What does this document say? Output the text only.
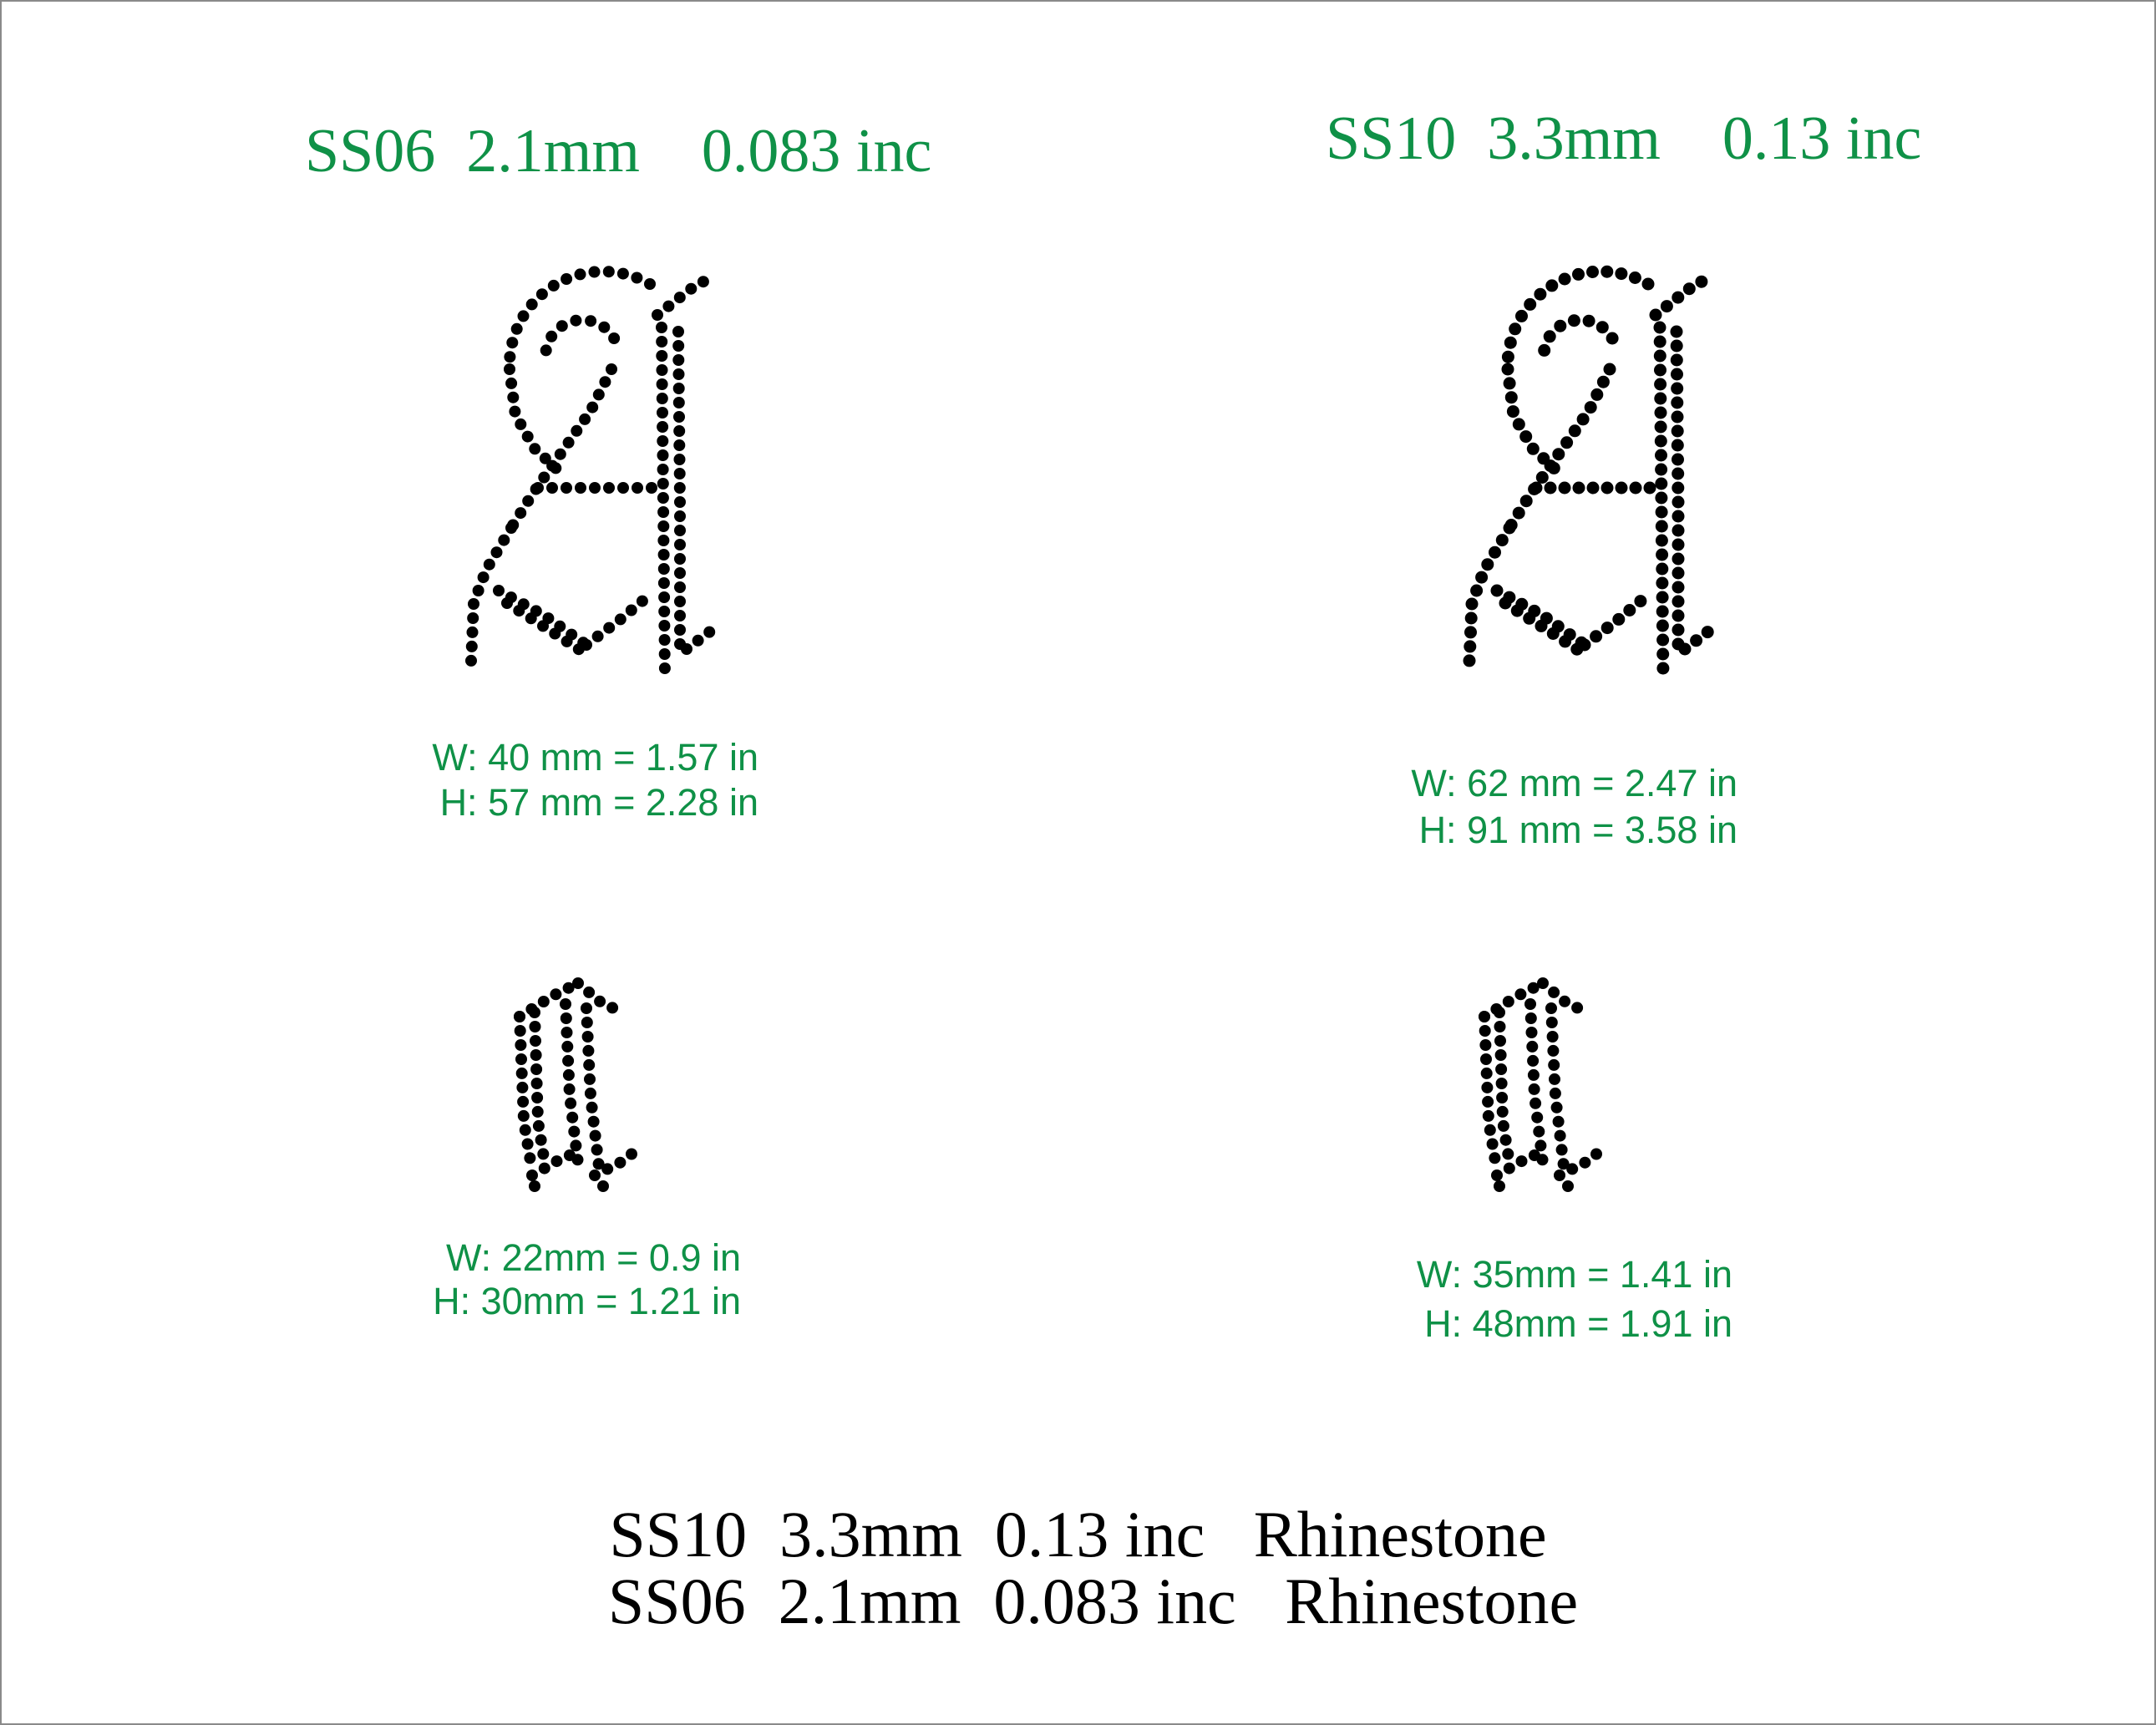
SS06  2.1mm    0.083 inc	SS10  3.3mm    0.13 inc
W: 40 mm = 1.57 in
H: 57 mm = 2.28 in	W: 62 mm = 2.47 in
H: 91 mm = 3.58 in
W: 22mm = 0.9 in
H: 30mm = 1.21 in
W: 35mm = 1.41 in
H: 48mm = 1.91 in
SS10  3.3mm  0.13 inc   Rhinestone
SS06  2.1mm  0.083 inc   Rhinestone
